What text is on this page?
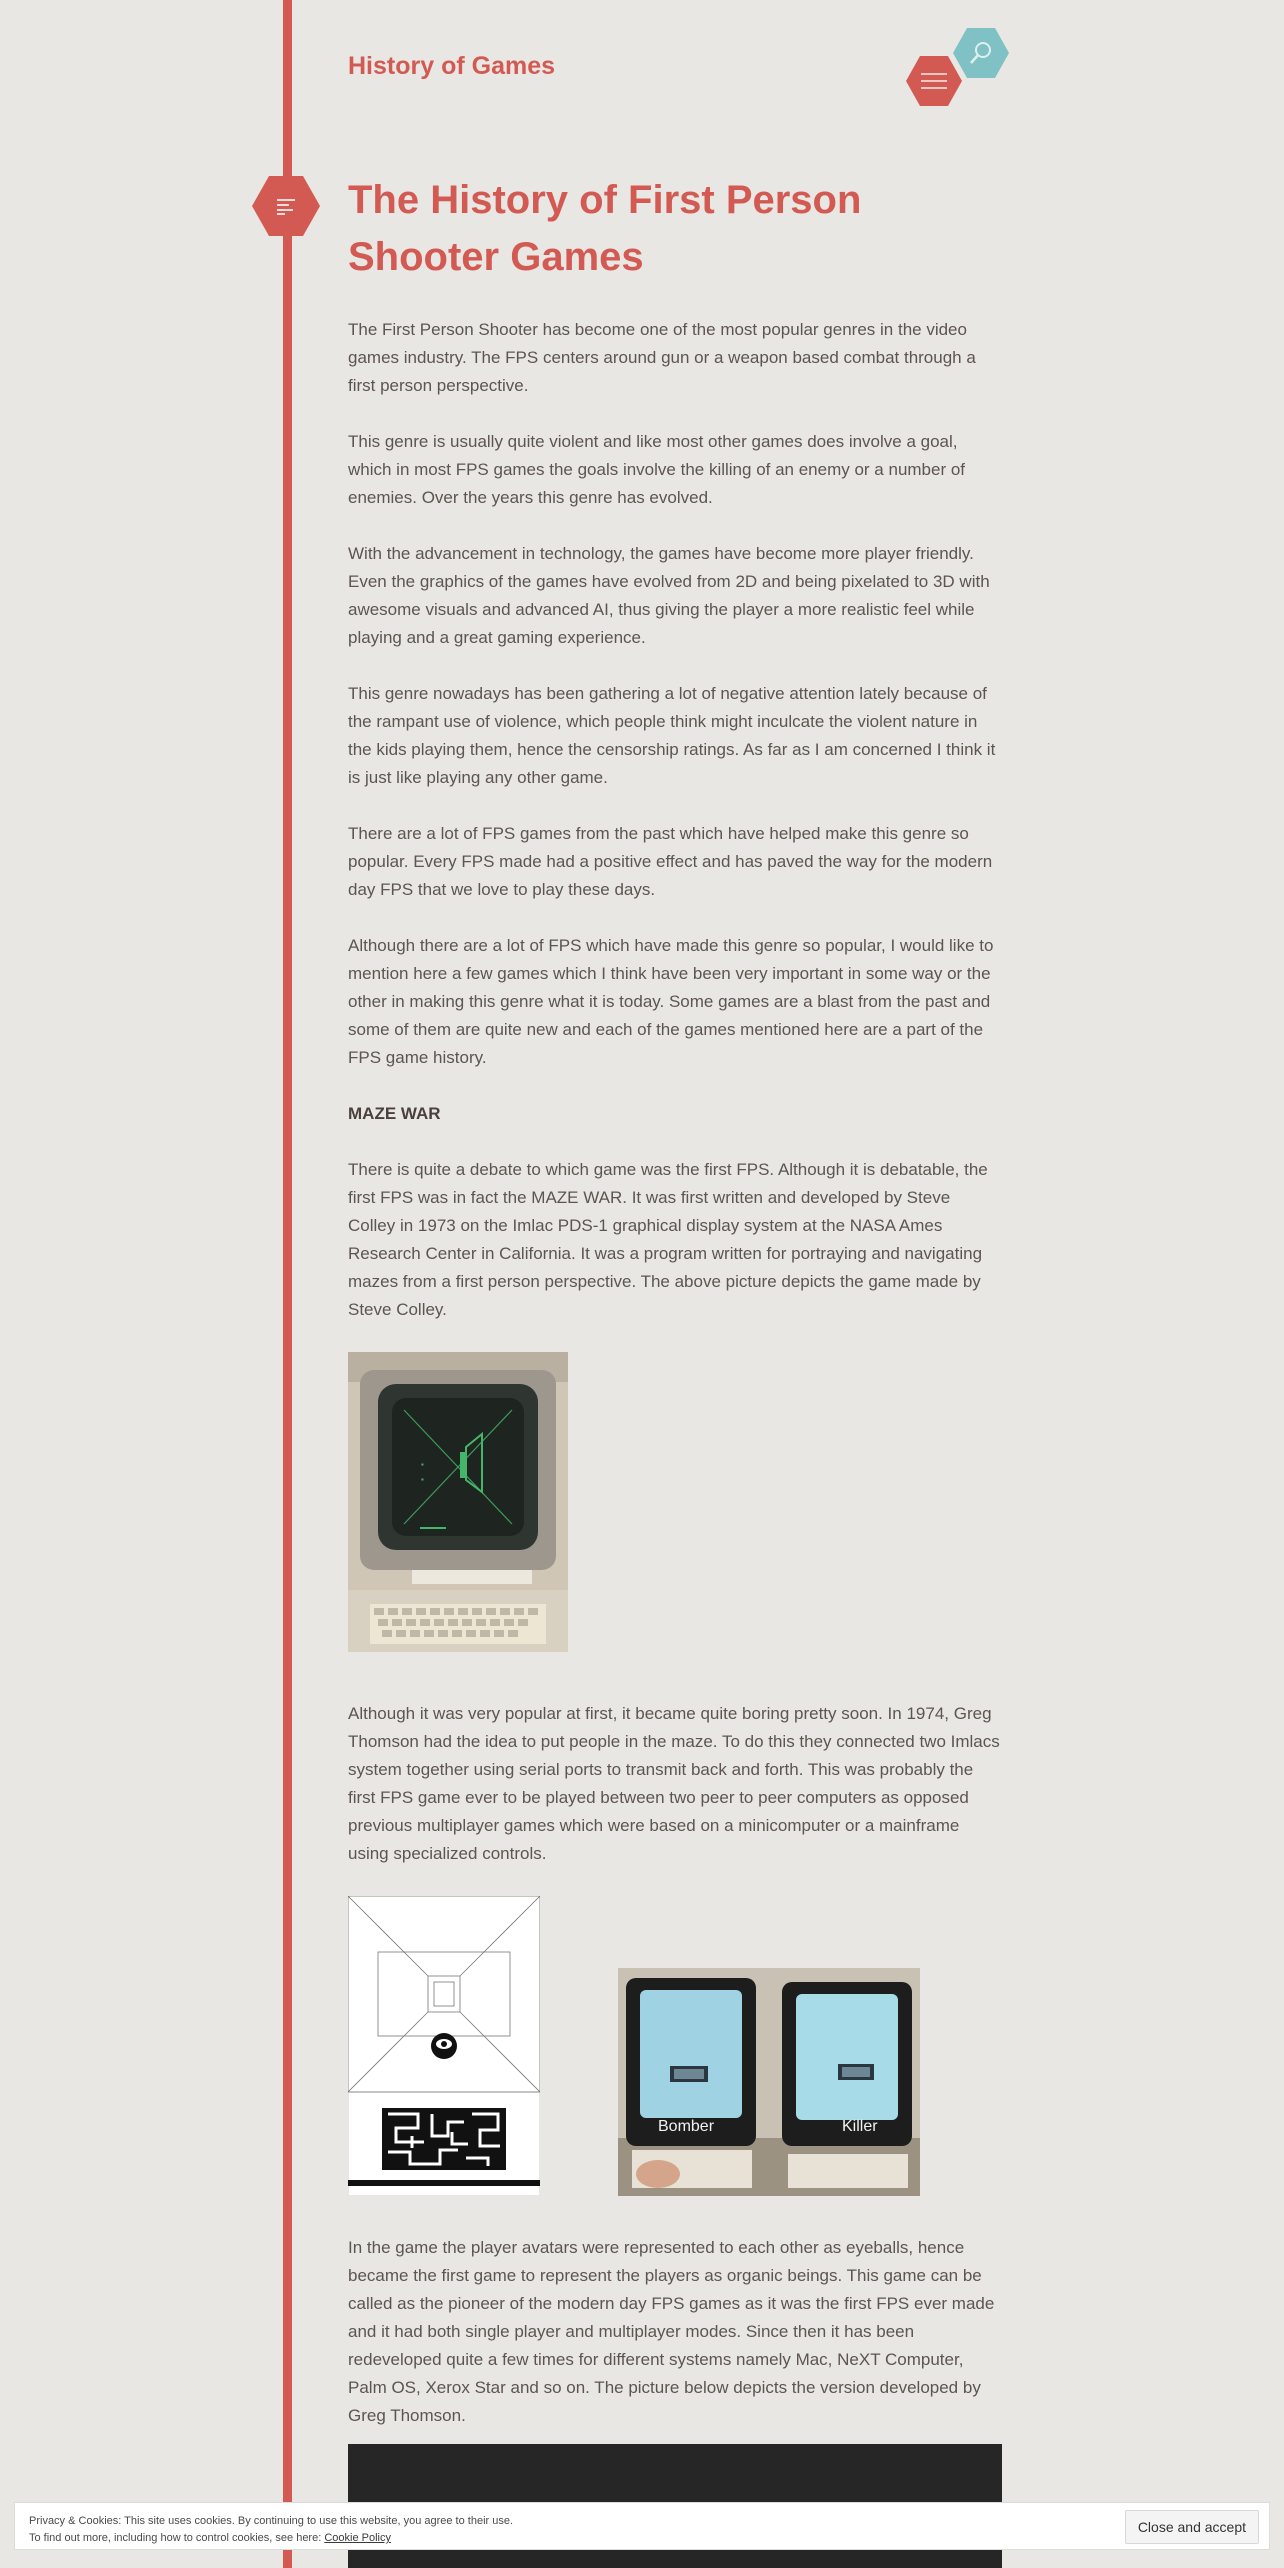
History of Games
The History of First Person Shooter Games

The First Person Shooter has become one of the most popular genres in the video games industry. The FPS centers around gun or a weapon based combat through a first person perspective.

This genre is usually quite violent and like most other games does involve a goal, which in most FPS games the goals involve the killing of an enemy or a number of enemies. Over the years this genre has evolved.

With the advancement in technology, the games have become more player friendly. Even the graphics of the games have evolved from 2D and being pixelated to 3D with awesome visuals and advanced AI, thus giving the player a more realistic feel while playing and a great gaming experience.

This genre nowadays has been gathering a lot of negative attention lately because of the rampant use of violence, which people think might inculcate the violent nature in the kids playing them, hence the censorship ratings. As far as I am concerned I think it is just like playing any other game.

There are a lot of FPS games from the past which have helped make this genre so popular. Every FPS made had a positive effect and has paved the way for the modern day FPS that we love to play these days.

Although there are a lot of FPS which have made this genre so popular, I would like to mention here a few games which I think have been very important in some way or the other in making this genre what it is today. Some games are a blast from the past and some of them are quite new and each of the games mentioned here are a part of the FPS game history.

MAZE WAR

There is quite a debate to which game was the first FPS. Although it is debatable, the first FPS was in fact the MAZE WAR. It was first written and developed by Steve Colley in 1973 on the Imlac PDS-1 graphical display system at the NASA Ames Research Center in California. It was a program written for portraying and navigating mazes from a first person perspective. The above picture depicts the game made by Steve Colley.

▪
▪

Although it was very popular at first, it became quite boring pretty soon. In 1974, Greg Thomson had the idea to put people in the maze. To do this they connected two Imlacs system together using serial ports to transmit back and forth. This was probably the first FPS game ever to be played between two peer to peer computers as opposed previous multiplayer games which were based on a minicomputer or a mainframe using specialized controls.

Bomber	Killer

In the game the player avatars were represented to each other as eyeballs, hence became the first game to represent the players as organic beings. This game can be called as the pioneer of the modern day FPS games as it was the first FPS ever made and it had both single player and multiplayer modes. Since then it has been redeveloped quite a few times for different systems namely Mac, NeXT Computer, Palm OS, Xerox Star and so on. The picture below depicts the version developed by Greg Thomson.

Privacy & Cookies: This site uses cookies. By continuing to use this website, you agree to their use.
To find out more, including how to control cookies, see here: Cookie Policy
Close and accept
